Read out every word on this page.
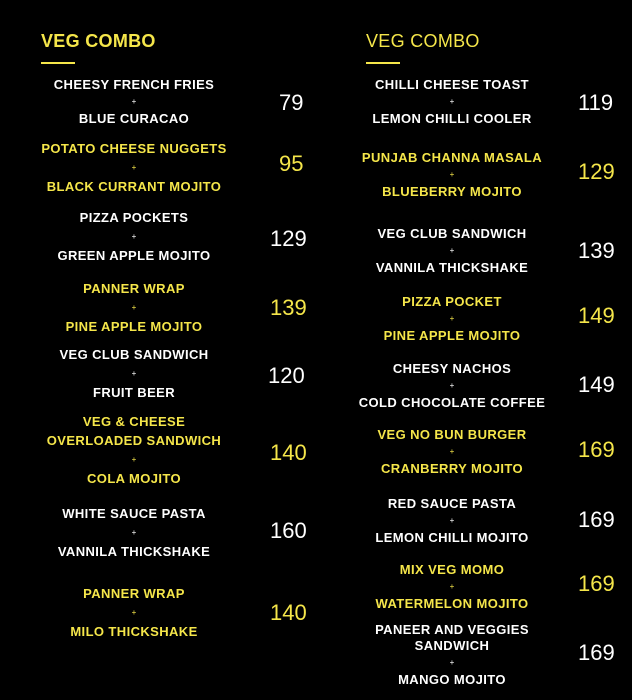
VEG COMBO
CHEESY FRENCH FRIES
+
BLUE CURACAO
79
POTATO CHEESE NUGGETS
+
BLACK CURRANT MOJITO
95
PIZZA POCKETS
+
GREEN APPLE MOJITO
129
PANNER WRAP
+
PINE APPLE MOJITO
139
VEG CLUB SANDWICH
+
FRUIT BEER
120
VEG & CHEESE
OVERLOADED SANDWICH
+
COLA MOJITO
140
WHITE SAUCE PASTA
+
VANNILA THICKSHAKE
160
PANNER WRAP
+
MILO THICKSHAKE
140
VEG COMBO
CHILLI CHEESE TOAST
+
LEMON CHILLI COOLER
119
PUNJAB CHANNA MASALA
+
BLUEBERRY MOJITO
129
VEG CLUB SANDWICH
+
VANNILA THICKSHAKE
139
PIZZA POCKET
+
PINE APPLE MOJITO
149
CHEESY NACHOS
+
COLD CHOCOLATE COFFEE
149
VEG NO BUN BURGER
+
CRANBERRY MOJITO
169
RED SAUCE PASTA
+
LEMON CHILLI MOJITO
169
MIX VEG MOMO
+
WATERMELON MOJITO
169
PANEER AND VEGGIES
SANDWICH
+
MANGO MOJITO
169
